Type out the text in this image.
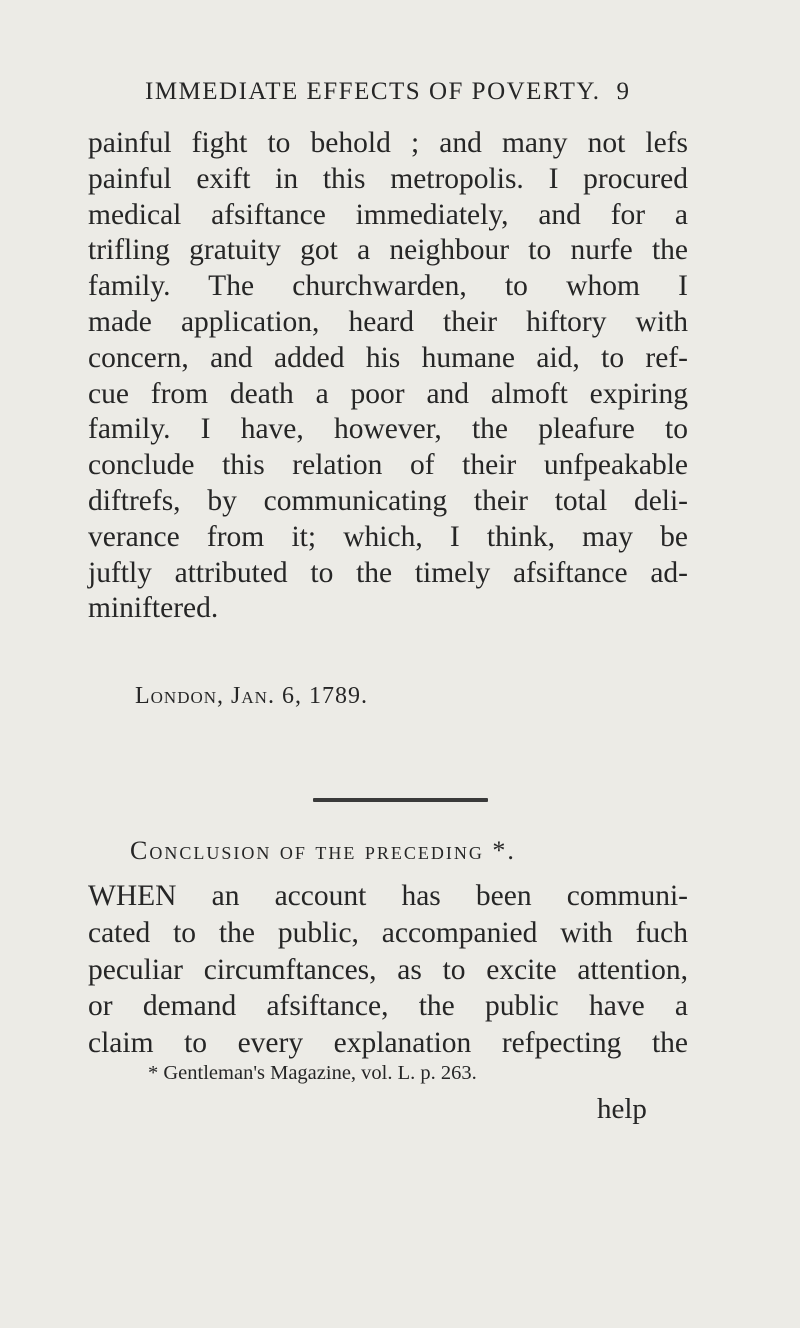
IMMEDIATE EFFECTS OF POVERTY. 9
painful fight to behold ; and many not lefs
painful exift in this metropolis. I procured
medical afsiftance immediately, and for a
trifling gratuity got a neighbour to nurfe the
family. The churchwarden, to whom I
made application, heard their hiftory with
concern, and added his humane aid, to ref-
cue from death a poor and almoft expiring
family. I have, however, the pleafure to
conclude this relation of their unfpeakable
diftrefs, by communicating their total deli-
verance from it; which, I think, may be
juftly attributed to the timely afsiftance ad-
miniftered.
London, Jan. 6, 1789.
Conclusion of the preceding *.
WHEN an account has been communi-
cated to the public, accompanied with fuch
peculiar circumftances, as to excite attention,
or demand afsiftance, the public have a
claim to every explanation refpecting the
* Gentleman's Magazine, vol. L. p. 263.
help
